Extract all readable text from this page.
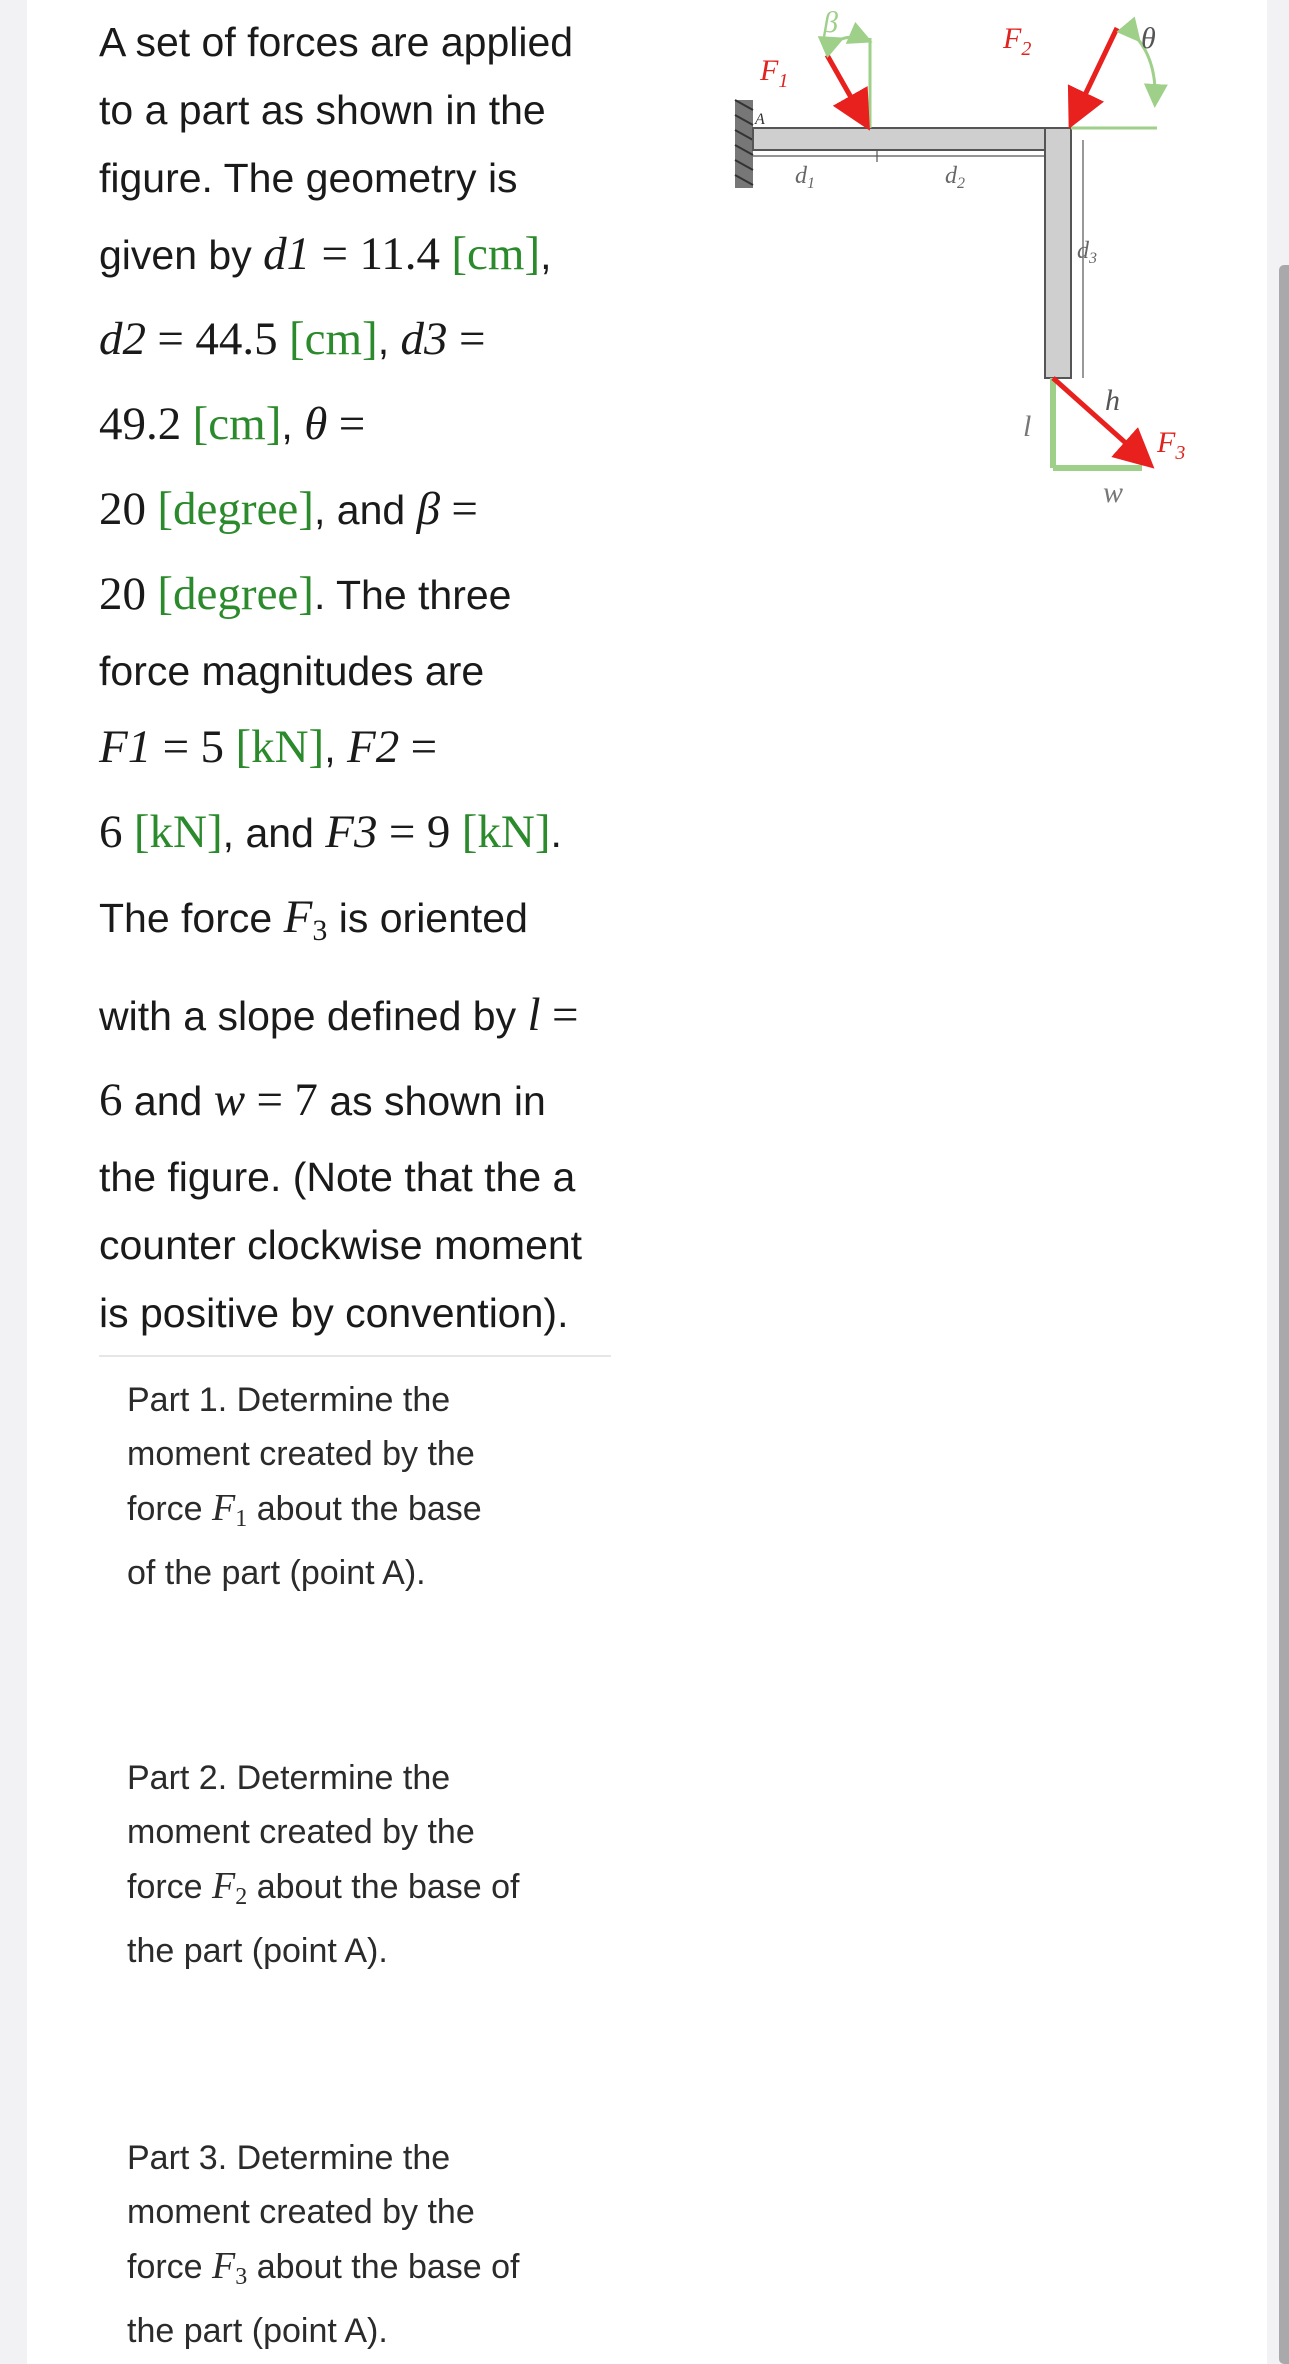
A set of forces are applied
to a part as shown in the
figure. The geometry is
given by d1 = 11.4 [cm],
d2 = 44.5 [cm], d3 =
49.2 [cm], θ =
20 [degree], and β =
20 [degree]. The three
force magnitudes are
F1 = 5 [kN], F2 =
6 [kN], and F3 = 9 [kN].
The force F3 is oriented
with a slope defined by l =
6 and w = 7 as shown in
the figure. (Note that the a
counter clockwise moment
is positive by convention).
A
$d_1$	$d_2$
$d_3$
$F_1$
β	$F_2$	θ
l
h
w
$F_3$
Part 1. Determine the
moment created by the
force $F_1$ about the base
of the part (point A).
Part 2. Determine the
moment created by the
force $F_2$ about the base of
the part (point A).
Part 3. Determine the
moment created by the
force $F_3$ about the base of
the part (point A).
